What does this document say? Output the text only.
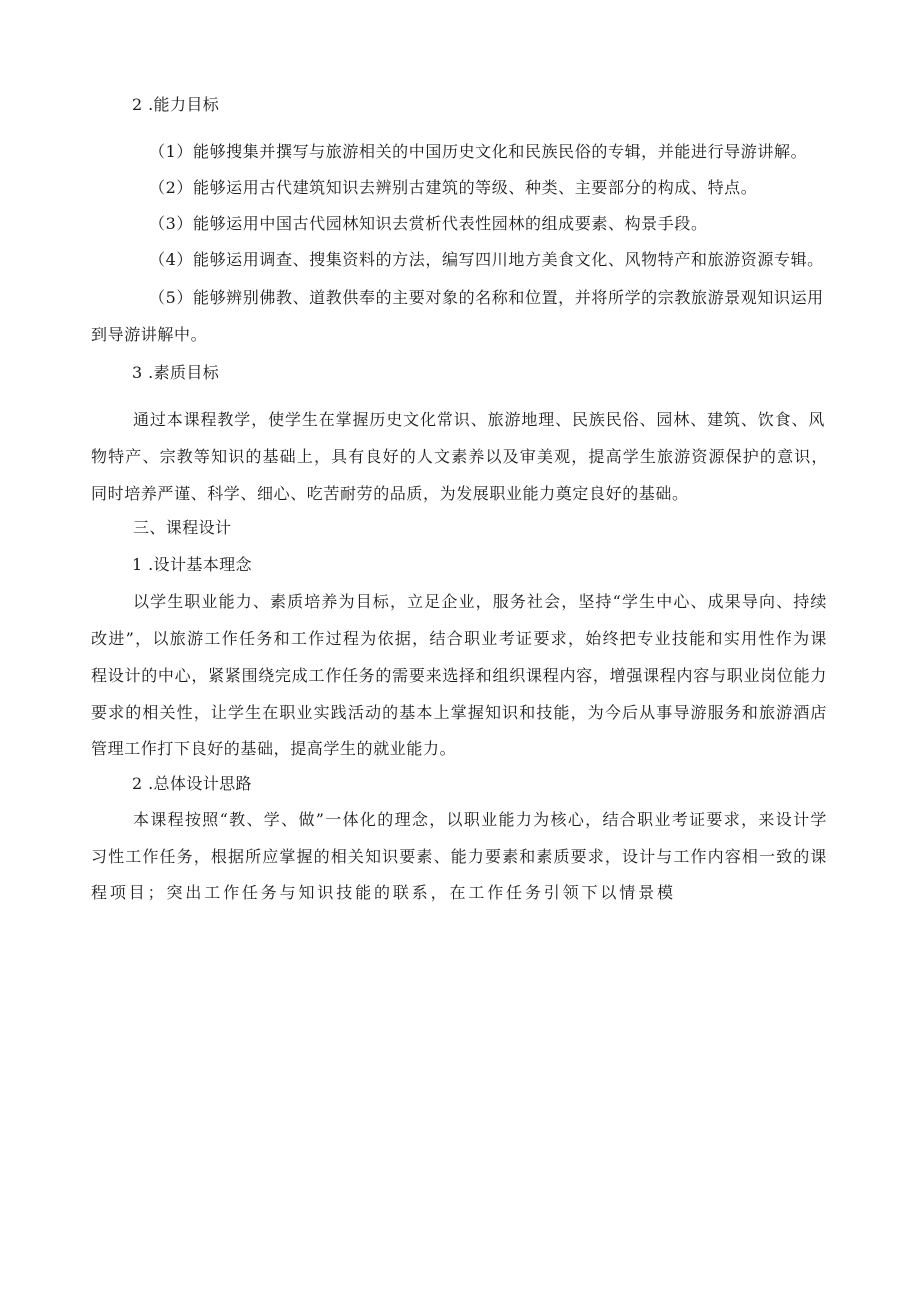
2 .能力目标
（1）能够搜集并撰写与旅游相关的中国历史文化和民族民俗的专辑，并能进行导游讲解。
（2）能够运用古代建筑知识去辨别古建筑的等级、种类、主要部分的构成、特点。
（3）能够运用中国古代园林知识去赏析代表性园林的组成要素、构景手段。
（4）能够运用调查、搜集资料的方法，编写四川地方美食文化、风物特产和旅游资源专辑。
（5）能够辨别佛教、道教供奉的主要对象的名称和位置，并将所学的宗教旅游景观知识运用
到导游讲解中。
3 .素质目标
通过本课程教学，使学生在掌握历史文化常识、旅游地理、民族民俗、园林、建筑、饮食、风
物特产、宗教等知识的基础上，具有良好的人文素养以及审美观，提高学生旅游资源保护的意识，
同时培养严谨、科学、细心、吃苦耐劳的品质，为发展职业能力奠定良好的基础。
三、课程设计
1 .设计基本理念
以学生职业能力、素质培养为目标，立足企业，服务社会，坚持“学生中心、成果导向、持续
改进”，以旅游工作任务和工作过程为依据，结合职业考证要求，始终把专业技能和实用性作为课
程设计的中心，紧紧围绕完成工作任务的需要来选择和组织课程内容，增强课程内容与职业岗位能力
要求的相关性，让学生在职业实践活动的基本上掌握知识和技能，为今后从事导游服务和旅游酒店
管理工作打下良好的基础，提高学生的就业能力。
2 .总体设计思路
本课程按照“教、学、做”一体化的理念，以职业能力为核心，结合职业考证要求，来设计学
习性工作任务，根据所应掌握的相关知识要素、能力要素和素质要求，设计与工作内容相一致的课
程项目；突出工作任务与知识技能的联系，在工作任务引领下以情景模
